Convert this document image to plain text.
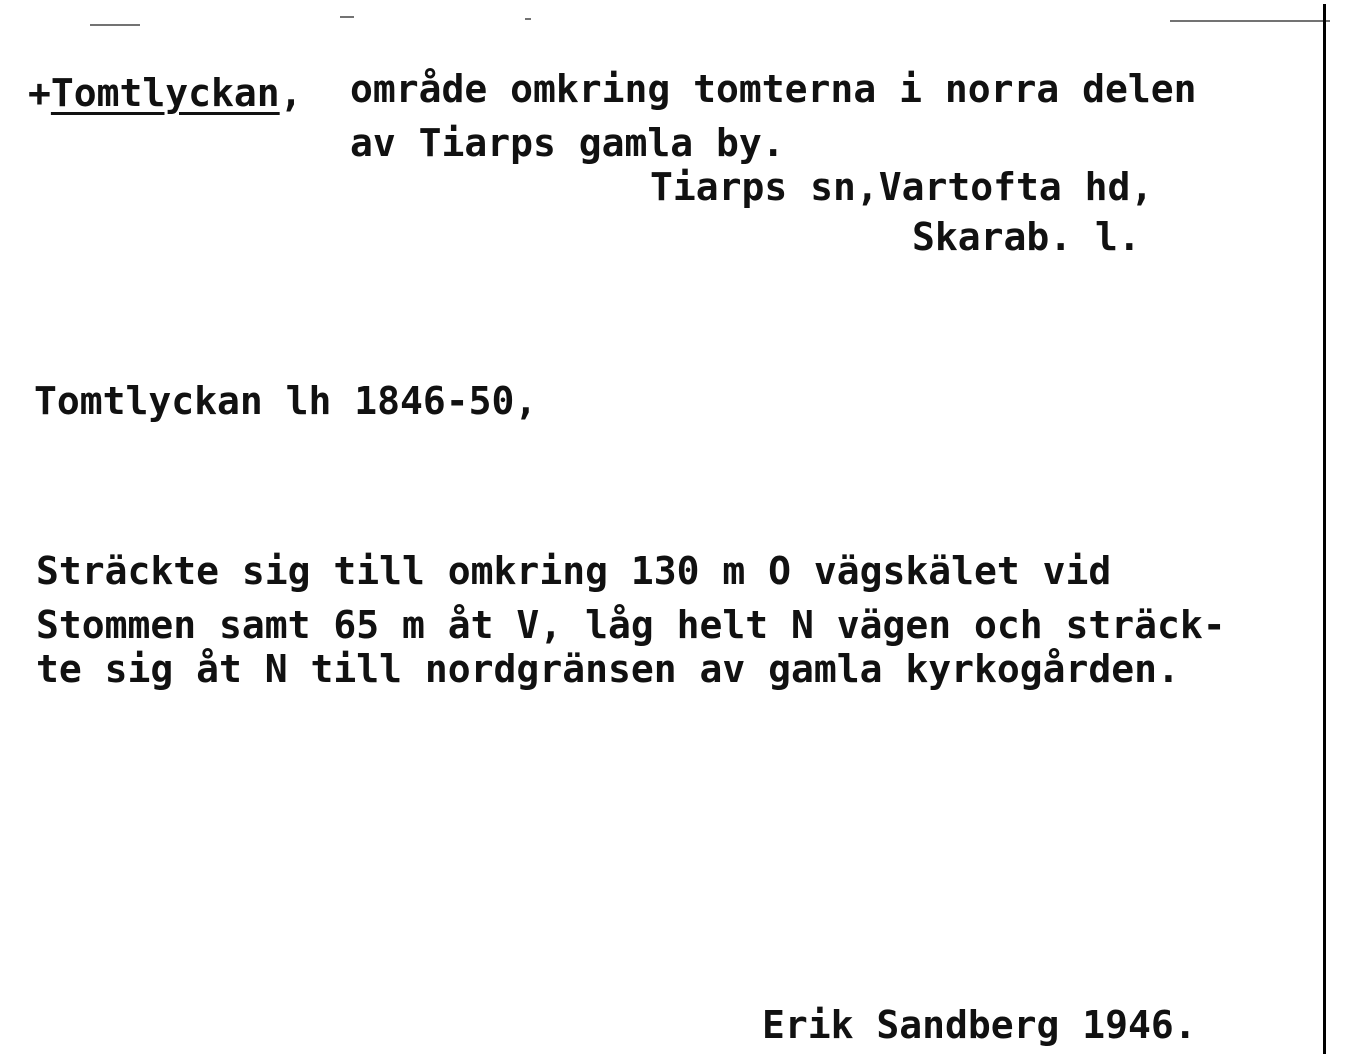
+Tomtlyckan, område omkring tomterna i norra delen
av Tiarps gamla by.
Tiarps sn,Vartofta hd,
Skarab. l.
Tomtlyckan lh 1846-50,
Sträckte sig till omkring 130 m O vägskälet vid
Stommen samt 65 m åt V, låg helt N vägen och sträck-
te sig åt N till nordgränsen av gamla kyrkogården.
Erik Sandberg 1946.
